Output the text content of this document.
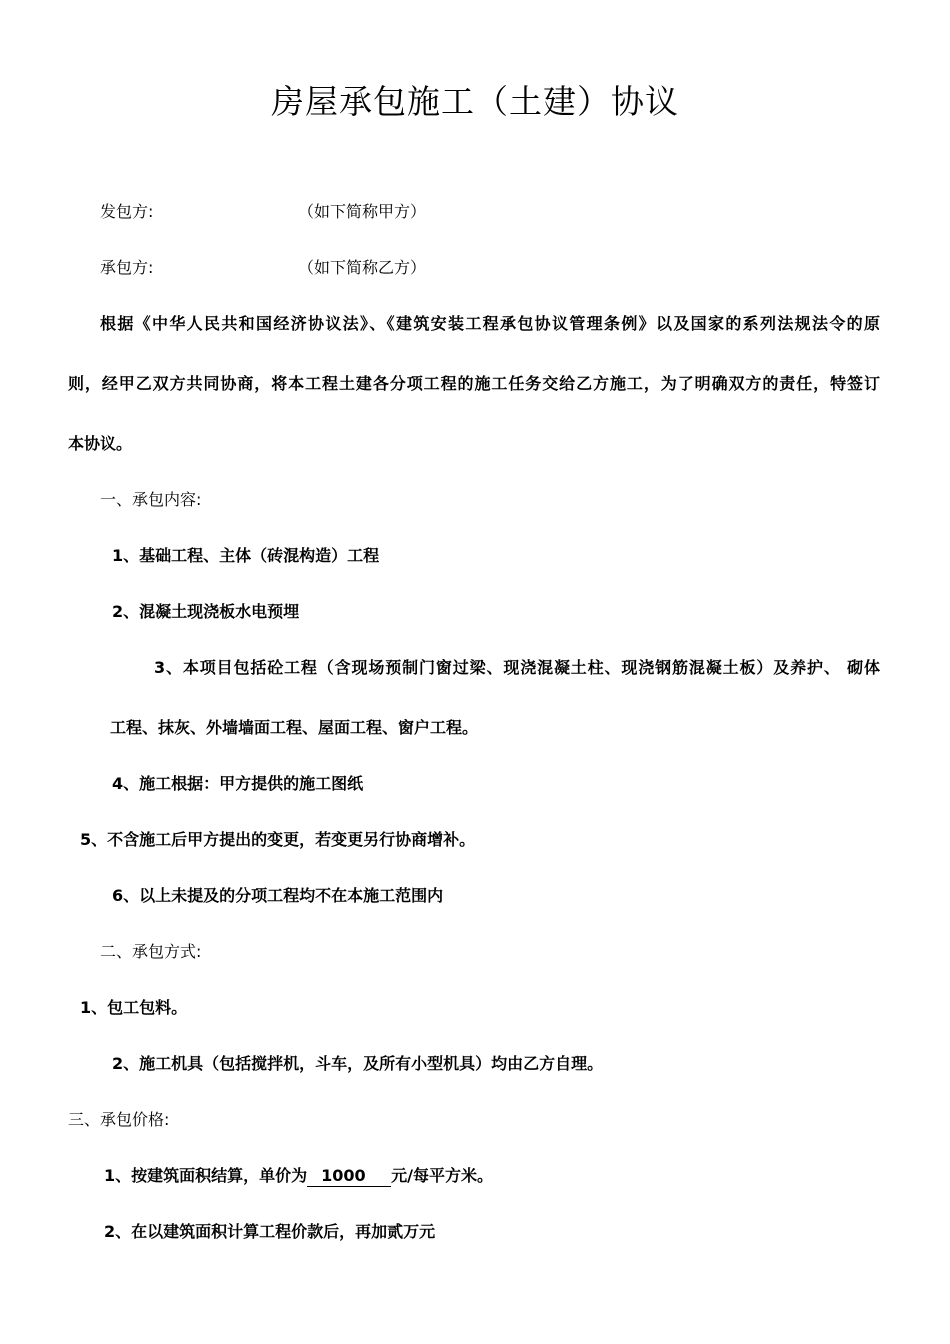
房屋承包施工（土建）协议
发包方:	（如下简称甲方）
承包方:	（如下简称乙方）
根据《中华人民共和国经济协议法》、《建筑安装工程承包协议管理条例》以及国家的系列法规法令的原
则，经甲乙双方共同协商，将本工程土建各分项工程的施工任务交给乙方施工，为了明确双方的责任，特签订
本协议。
一、承包内容:
1、基础工程、主体（砖混构造）工程
2、混凝土现浇板水电预埋
3、本项目包括砼工程（含现场预制门窗过梁、现浇混凝土柱、现浇钢筋混凝土板）及养护、 砌体
工程、抹灰、外墙墙面工程、屋面工程、窗户工程。
4、施工根据：甲方提供的施工图纸
5、不含施工后甲方提出的变更，若变更另行协商增补。
6、以上未提及的分项工程均不在本施工范围内
二、承包方式:
1、包工包料。
2、施工机具（包括搅拌机，斗车，及所有小型机具）均由乙方自理。
三、承包价格:
1、按建筑面积结算，单价为 1000 元/每平方米。
2、在以建筑面积计算工程价款后，再加贰万元
